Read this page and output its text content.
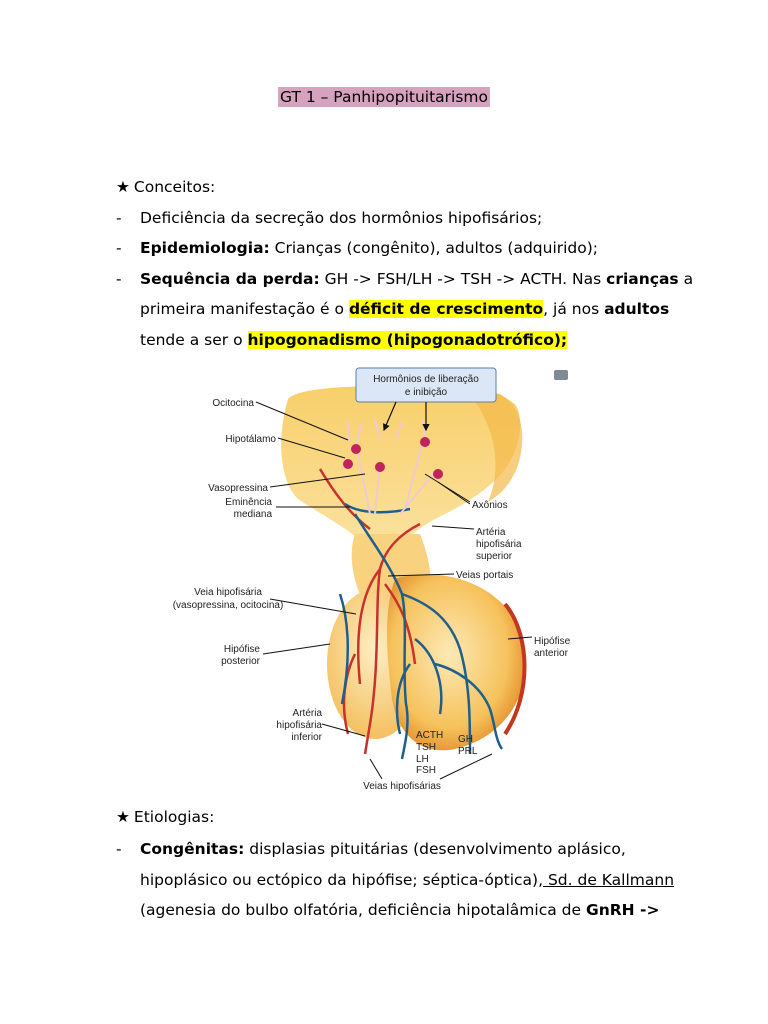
GT 1 – Panhipopituitarismo
★ Conceitos:
- Deficiência da secreção dos hormônios hipofisários;
- Epidemiologia: Crianças (congênito), adultos (adquirido);
- Sequência da perda: GH -> FSH/LH -> TSH -> ACTH. Nas crianças a
primeira manifestação é o déficit de crescimento, já nos adultos
tende a ser o hipogonadismo (hipogonadotrófico);
Hormônios de liberação
e inibição
Ocitocina
Hipotálamo
Vasopressina
Eminência
mediana
Axônios
Artéria
hipofisária
superior
Veias portais
Veia hipofisária
(vasopressina, ocitocina)
Hipófise
posterior
Hipófise
anterior
Artéria
hipofisária
inferior	ACTH
TSH
LH
FSH
GH
PRL
Veias hipofisárias
★ Etiologias:
- Congênitas: displasias pituitárias (desenvolvimento aplásico,
hipoplásico ou ectópico da hipófise; séptica-óptica), Sd. de Kallmann
(agenesia do bulbo olfatória, deficiência hipotalâmica de GnRH ->
